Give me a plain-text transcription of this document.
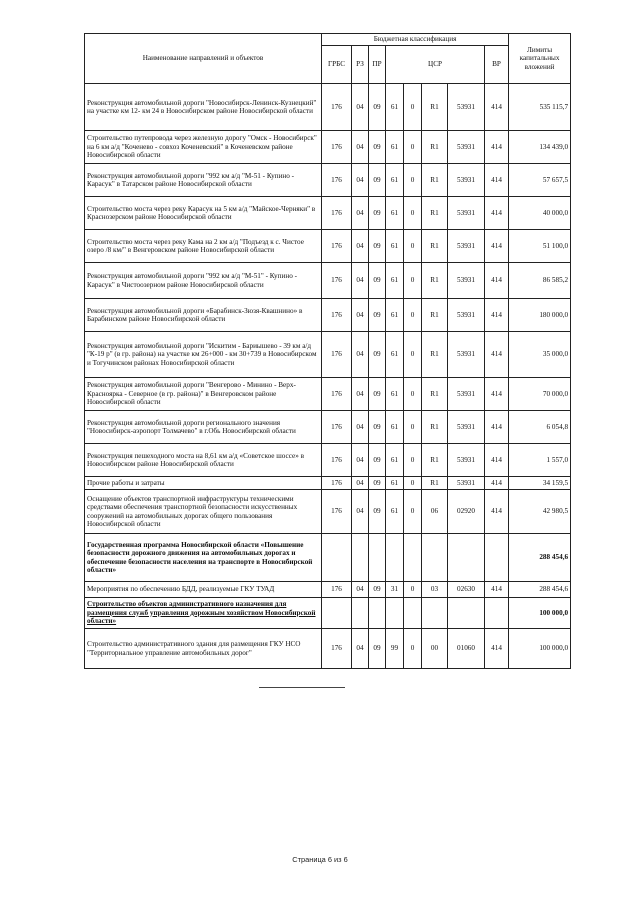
Наименование направлений и объектов	Бюджетная классификация								Лимиты капитальных вложений
	ГРБС	РЗ	ПР	ЦСР				ВР	
Реконструкция автомобильной дороги "Новосибирск-Ленинск-Кузнецкий" на участке км 12- км 24 в Новосибирском районе Новосибирской области	176	04	09	61	0	R1	53931	414	535 115,7
Строительство путепровода через железную дорогу "Омск - Новосибирск" на 6 км а/д "Коченево - совхоз Коченевский" в Коченевском районе Новосибирской области	176	04	09	61	0	R1	53931	414	134 439,0
Реконструкция автомобильной дороги "992 км а/д "М-51 - Купино - Карасук" в Татарском районе Новосибирской области	176	04	09	61	0	R1	53931	414	57 657,5
Строительство моста через реку Карасук на 5 км а/д "Майское-Черняки" в Краснозерском районе Новосибирской области	176	04	09	61	0	R1	53931	414	40 000,0
Строительство моста через реку Кама на 2 км а/д "Подъезд к с. Чистое озеро /8 км/" в Венгеровском районе Новосибирской области	176	04	09	61	0	R1	53931	414	51 100,0
Реконструкция автомобильной дороги "992 км а/д "М-51" - Купино - Карасук" в Чистоозерном районе Новосибирской области	176	04	09	61	0	R1	53931	414	86 585,2
Реконструкция автомобильной дороги «Барабинск-Зюзя-Квашнино» в Барабинском районе Новосибирской области	176	04	09	61	0	R1	53931	414	180 000,0
Реконструкция автомобильной дороги "Искитим - Бариышево - 39 км а/д "К-19 р" (в гр. района) на участке км 26+000 - км 30+739 в Новосибирском и Тогучинском районах Новосибирской области	176	04	09	61	0	R1	53931	414	35 000,0
Реконструкция автомобильной дороги "Венгерово - Минино - Верх-Красноярка - Северное (в гр. района)" в Венгеровском районе Новосибирской области	176	04	09	61	0	R1	53931	414	70 000,0
Реконструкция автомобильной дороги регионального значения "Новосибирск-аэропорт Толмачево" в г.Обь Новосибирской области	176	04	09	61	0	R1	53931	414	6 054,8
Реконструкция пешеходного моста на 8,61 км а/д «Советское шоссе» в Новосибирском районе Новосибирской области	176	04	09	61	0	R1	53931	414	1 557,0
Прочие работы и затраты	176	04	09	61	0	R1	53931	414	34 159,5
Оснащение объектов транспортной инфраструктуры техническими средствами обеспечения транспортной безопасности искусственных сооружений на автомобильных дорогах общего пользования Новосибирской области	176	04	09	61	0	06	02920	414	42 980,5
Государственная программа Новосибирской области «Повышение безопасности дорожного движения на автомобильных дорогах и обеспечение безопасности населения на транспорте в Новосибирской области»									288 454,6
Мероприятия по обеспечению БДД, реализуемые ГКУ ТУАД	176	04	09	31	0	03	02630	414	288 454,6
Строительство объектов административного назначения для размещения служб управления дорожным хозяйством Новосибирской области»									100 000,0
Строительство административного здания для размещения ГКУ НСО "Территориальное управление автомобильных дорог"	176	04	09	99	0	00	01060	414	100 000,0
Страница 6 из 6
